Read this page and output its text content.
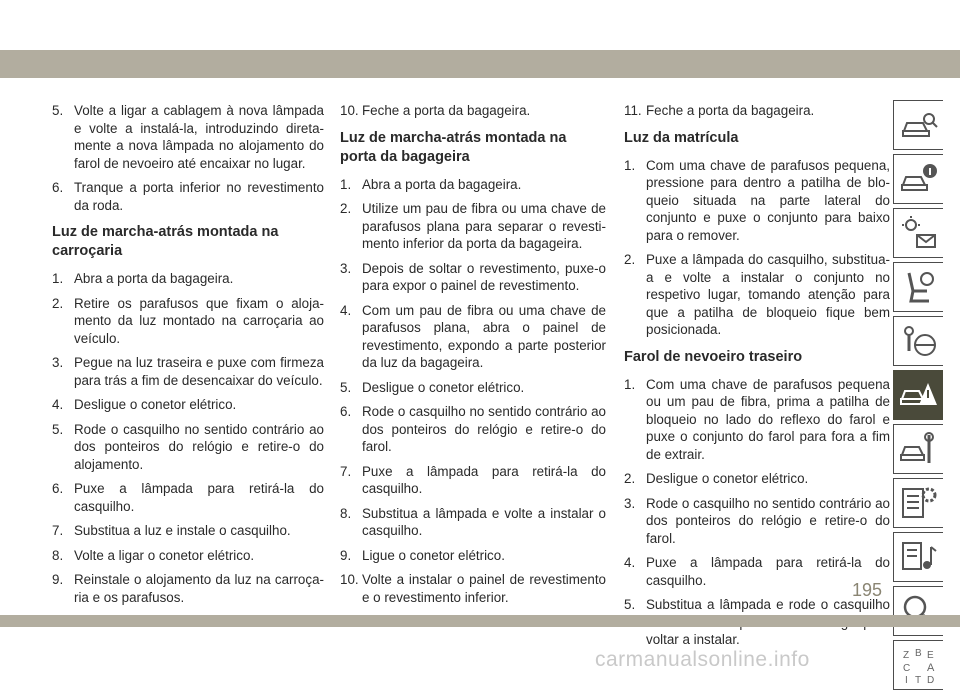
5. Volte a ligar a cablagem à nova lâmpada e volte a instalá-la, introduzindo diretamente a nova lâmpada no alojamento do farol de nevoeiro até encaixar no lugar.
6. Tranque a porta inferior no revestimento da roda.
Luz de marcha-atrás montada na carroçaria
1. Abra a porta da bagageira.
2. Retire os parafusos que fixam o alojamento da luz montado na carroçaria ao veículo.
3. Pegue na luz traseira e puxe com firmeza para trás a fim de desencaixar do veículo.
4. Desligue o conetor elétrico.
5. Rode o casquilho no sentido contrário ao dos ponteiros do relógio e retire-o do alojamento.
6. Puxe a lâmpada para retirá-la do casquilho.
7. Substitua a luz e instale o casquilho.
8. Volte a ligar o conetor elétrico.
9. Reinstale o alojamento da luz na carroçaria e os parafusos.
10. Feche a porta da bagageira.
Luz de marcha-atrás montada na porta da bagageira
1. Abra a porta da bagageira.
2. Utilize um pau de fibra ou uma chave de parafusos plana para separar o revestimento inferior da porta da bagageira.
3. Depois de soltar o revestimento, puxe-o para expor o painel de revestimento.
4. Com um pau de fibra ou uma chave de parafusos plana, abra o painel de revestimento, expondo a parte posterior da luz da bagageira.
5. Desligue o conetor elétrico.
6. Rode o casquilho no sentido contrário ao dos ponteiros do relógio e retire-o do farol.
7. Puxe a lâmpada para retirá-la do casquilho.
8. Substitua a lâmpada e volte a instalar o casquilho.
9. Ligue o conetor elétrico.
10. Volte a instalar o painel de revestimento e o revestimento inferior.
11. Feche a porta da bagageira.
Luz da matrícula
1. Com uma chave de parafusos pequena, pressione para dentro a patilha de bloqueio situada na parte lateral do conjunto e puxe o conjunto para baixo para o remover.
2. Puxe a lâmpada do casquilho, substitua-a e volte a instalar o conjunto no respetivo lugar, tomando atenção para que a patilha de bloqueio fique bem posicionada.
Farol de nevoeiro traseiro
1. Com uma chave de parafusos pequena ou um pau de fibra, prima a patilha de bloqueio no lado do reflexo do farol e puxe o conjunto do farol para fora a fim de extrair.
2. Desligue o conetor elétrico.
3. Rode o casquilho no sentido contrário ao dos ponteiros do relógio e retire-o do farol.
4. Puxe a lâmpada para retirá-la do casquilho.
5. Substitua a lâmpada e rode o casquilho voltar a instalar.
Z B E
A
C
D
I T
195
carmanualsonline.info
